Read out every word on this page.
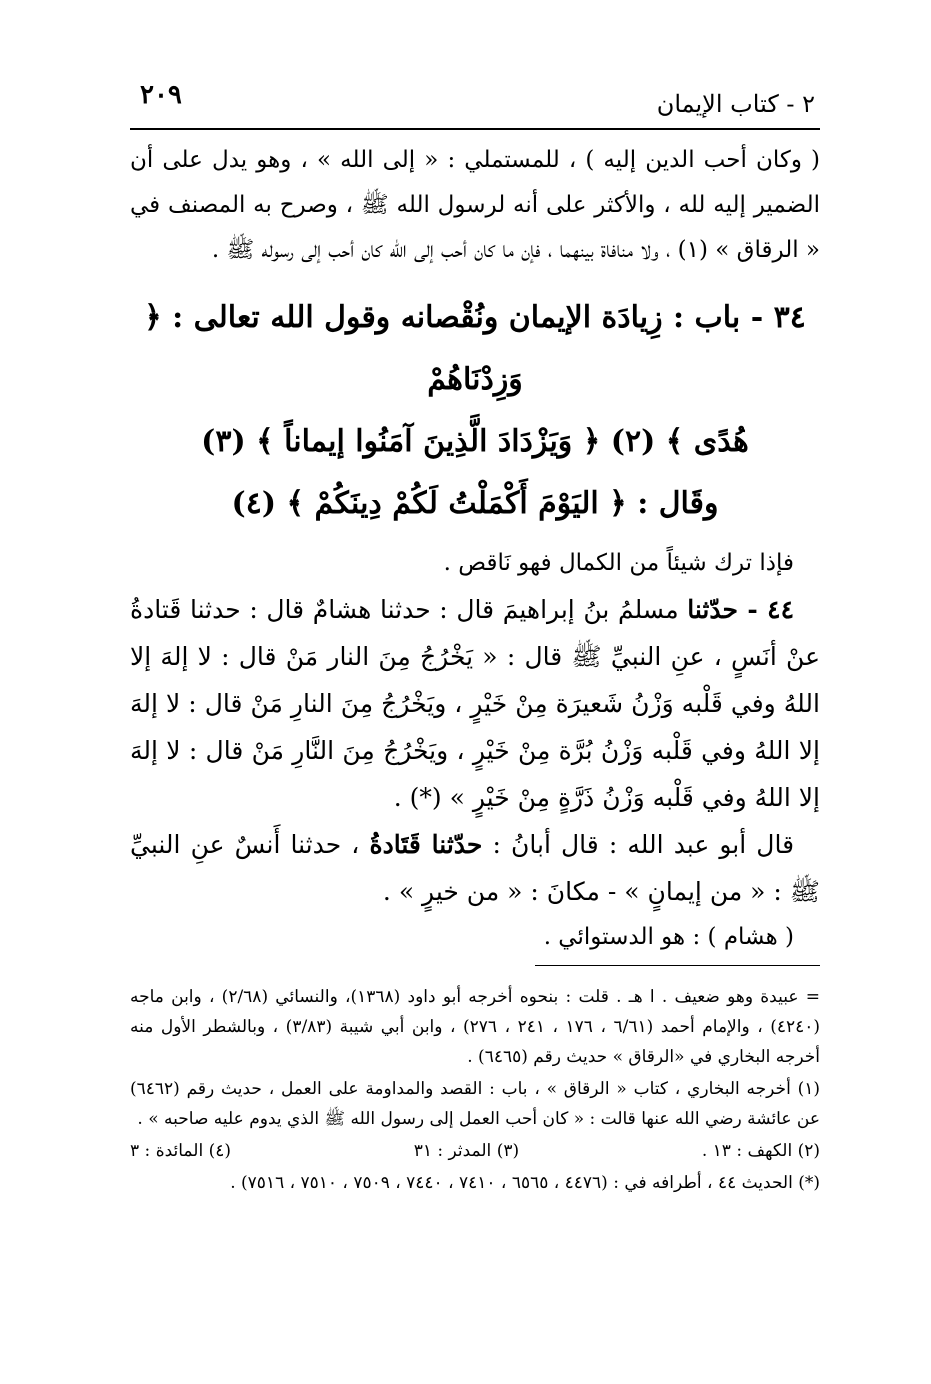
٢٠٩	٢ - كتاب الإيمان

( وكان أحب الدين إليه ) ، للمستملي : « إلى الله » ، وهو يدل على أن الضمير إليه لله ، والأكثر على أنه لرسول الله ﷺ ، وصرح به المصنف في « الرقاق » (١) ، ولا منافاة بينهما ، فإن ما كان أحب إلى الله كان أحب إلى رسوله ﷺ .

٣٤ - باب : زِيادَة الإيمان ونُقْصانه وقول الله تعالى : ﴿ وَزِدْنَاهُمْ
هُدًى ﴾ (٢) ﴿ وَيَزْدَادَ الَّذِينَ آمَنُوا إيماناً ﴾ (٣)
وقَال : ﴿ اليَوْمَ أَكْمَلْتُ لَكُمْ دِينَكُمْ ﴾ (٤)

فإذا ترك شيئاً من الكمال فهو نَاقص .

٤٤ - حدّثنا مسلمُ بنُ إبراهيمَ قال : حدثنا هشامٌ قال : حدثنا قَتادةُ عنْ أنَسٍ ، عنِ النبيِّ ﷺ قال : « يَخْرُجُ مِنَ النار مَنْ قال : لا إلهَ إلا اللهُ وفي قَلْبه وَزْنُ شَعيرَة مِنْ خَيْرٍ ، ويَخْرُجُ مِنَ النارِ مَنْ قال : لا إلهَ إلا اللهُ وفي قَلْبه وَزْنُ بُرَّة مِنْ خَيْرٍ ، ويَخْرُجُ مِنَ النَّارِ مَنْ قال : لا إلهَ إلا اللهُ وفي قَلْبه وَزْنُ ذَرَّةٍ مِنْ خَيْرٍ » (*) .

قال أبو عبد الله : قال أبانُ : حدّثنا قَتَادةُ ، حدثنا أَنسٌ عنِ النبيِّ ﷺ : « من إيمانٍ » - مكانَ : « من خيرٍ » .

( هشام ) : هو الدستوائي .

= عبيدة وهو ضعيف . ا هـ . قلت : بنحوه أخرجه أبو داود (١٣٦٨)، والنسائي (٢/٦٨) ، وابن ماجه (٤٢٤٠) ، والإمام أحمد (٦/٦١ ، ١٧٦ ، ٢٤١ ، ٢٧٦) ، وابن أبي شيبة (٣/٨٣) ، وبالشطر الأول منه أخرجه البخاري في «الرقاق » حديث رقم (٦٤٦٥) .

(١) أخرجه البخاري ، كتاب « الرقاق » ، باب : القصد والمداومة على العمل ، حديث رقم (٦٤٦٢) عن عائشة رضي الله عنها قالت : « كان أحب العمل إلى رسول الله ﷺ الذي يدوم عليه صاحبه » .

(٢) الكهف : ١٣ .
(٣) المدثر : ٣١
(٤) المائدة : ٣

(*) الحديث ٤٤ ، أطرافه في : (٤٤٧٦ ، ٦٥٦٥ ، ٧٤١٠ ، ٧٤٤٠ ، ٧٥٠٩ ، ٧٥١٠ ، ٧٥١٦) .
